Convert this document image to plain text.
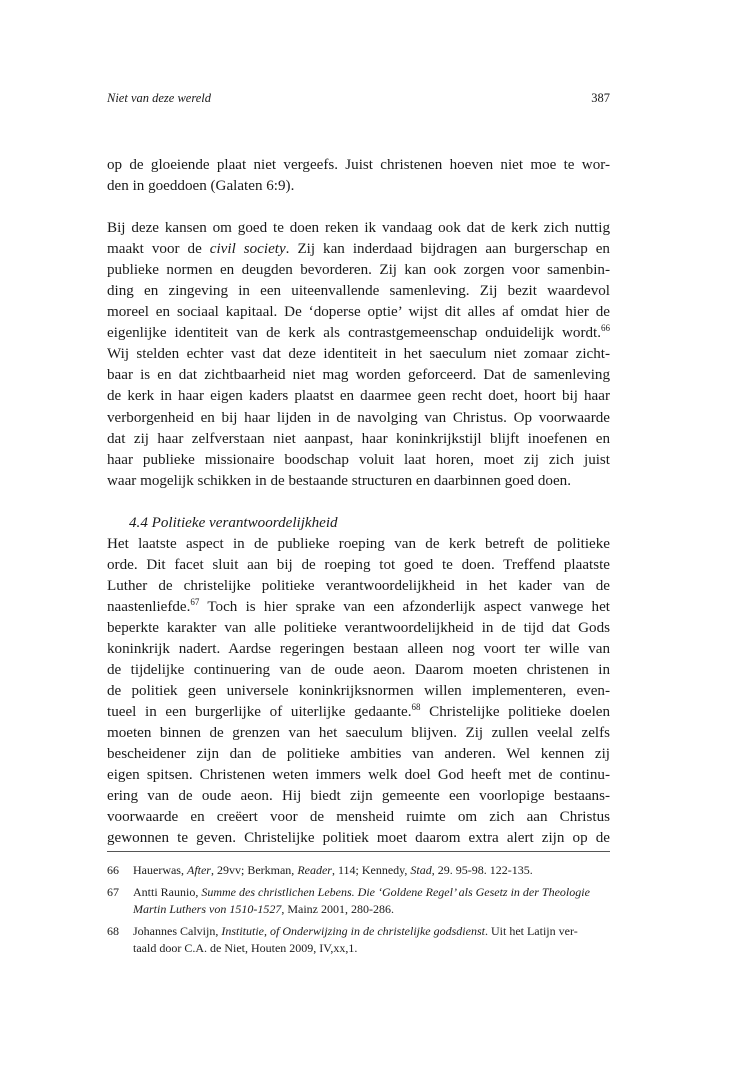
Niet van deze wereld	387

op de gloeiende plaat niet vergeefs. Juist christenen hoeven niet moe te wor-
den in goeddoen (Galaten 6:9).

Bij deze kansen om goed te doen reken ik vandaag ook dat de kerk zich nuttig
maakt voor de civil society. Zij kan inderdaad bijdragen aan burgerschap en
publieke normen en deugden bevorderen. Zij kan ook zorgen voor samenbin-
ding en zingeving in een uiteenvallende samenleving. Zij bezit waardevol
moreel en sociaal kapitaal. De ‘doperse optie’ wijst dit alles af omdat hier de
eigenlijke identiteit van de kerk als contrastgemeenschap onduidelijk wordt.$^{66}$
Wij stelden echter vast dat deze identiteit in het saeculum niet zomaar zicht-
baar is en dat zichtbaarheid niet mag worden geforceerd. Dat de samenleving
de kerk in haar eigen kaders plaatst en daarmee geen recht doet, hoort bij haar
verborgenheid en bij haar lijden in de navolging van Christus. Op voorwaarde
dat zij haar zelfverstaan niet aanpast, haar koninkrijkstijl blijft inoefenen en
haar publieke missionaire boodschap voluit laat horen, moet zij zich juist
waar mogelijk schikken in de bestaande structuren en daarbinnen goed doen.

4.4 Politieke verantwoordelijkheid

Het laatste aspect in de publieke roeping van de kerk betreft de politieke
orde. Dit facet sluit aan bij de roeping tot goed te doen. Treffend plaatste
Luther de christelijke politieke verantwoordelijkheid in het kader van de
naastenliefde.$^{67}$ Toch is hier sprake van een afzonderlijk aspect vanwege het
beperkte karakter van alle politieke verantwoordelijkheid in de tijd dat Gods
koninkrijk nadert. Aardse regeringen bestaan alleen nog voort ter wille van
de tijdelijke continuering van de oude aeon. Daarom moeten christenen in
de politiek geen universele koninkrijksnormen willen implementeren, even-
tueel in een burgerlijke of uiterlijke gedaante.$^{68}$ Christelijke politieke doelen
moeten binnen de grenzen van het saeculum blijven. Zij zullen veelal zelfs
bescheidener zijn dan de politieke ambities van anderen. Wel kennen zij
eigen spitsen. Christenen weten immers welk doel God heeft met de continu-
ering van de oude aeon. Hij biedt zijn gemeente een voorlopige bestaans-
voorwaarde en creëert voor de mensheid ruimte om zich aan Christus
gewonnen te geven. Christelijke politiek moet daarom extra alert zijn op de

66 Hauerwas, After, 29vv; Berkman, Reader, 114; Kennedy, Stad, 29. 95-98. 122-135.
67 Antti Raunio, Summe des christlichen Lebens. Die ‘Goldene Regel’ als Gesetz in der Theologie
Martin Luthers von 1510-1527, Mainz 2001, 280-286.
68 Johannes Calvijn, Institutie, of Onderwijzing in de christelijke godsdienst. Uit het Latijn ver-
taald door C.A. de Niet, Houten 2009, IV,xx,1.
